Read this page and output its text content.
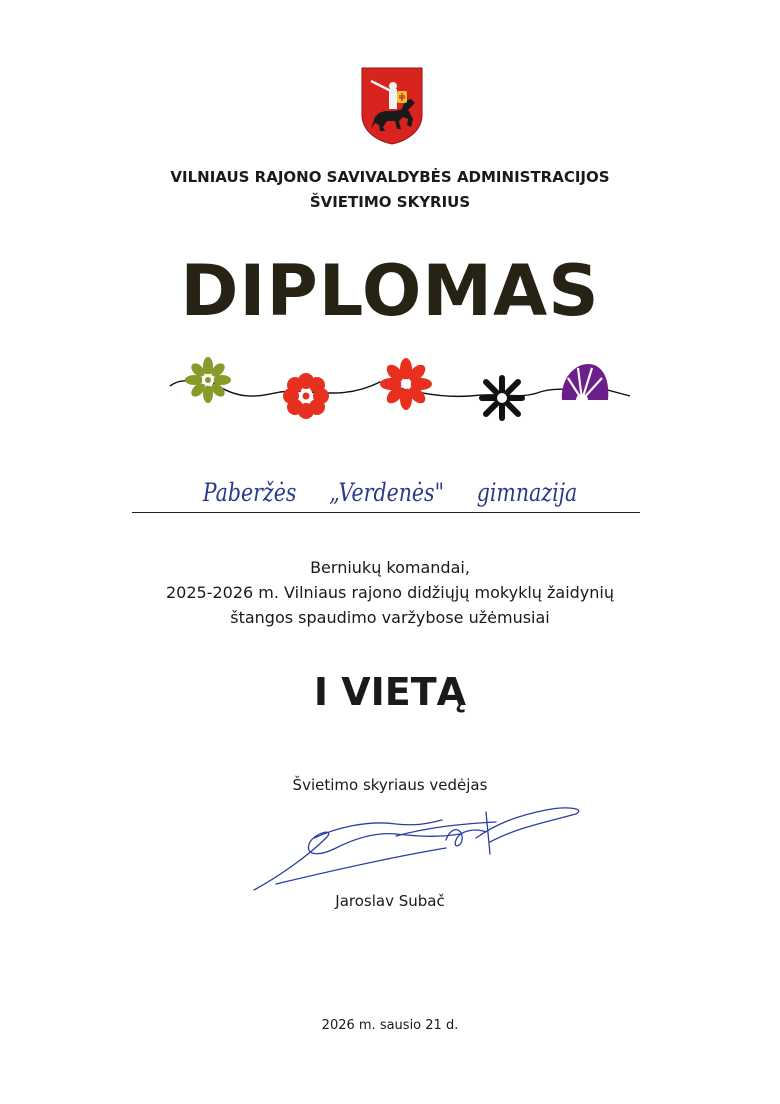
VILNIAUS RAJONO SAVIVALDYBĖS ADMINISTRACIJOS
ŠVIETIMO SKYRIUS
DIPLOMAS
Paberžės „Verdenės" gimnazija
Berniukų komandai,
2025-2026 m. Vilniaus rajono didžiųjų mokyklų žaidynių
štangos spaudimo varžybose užėmusiai
I VIETĄ
Švietimo skyriaus vedėjas
Jaroslav Subač
2026 m. sausio 21 d.
